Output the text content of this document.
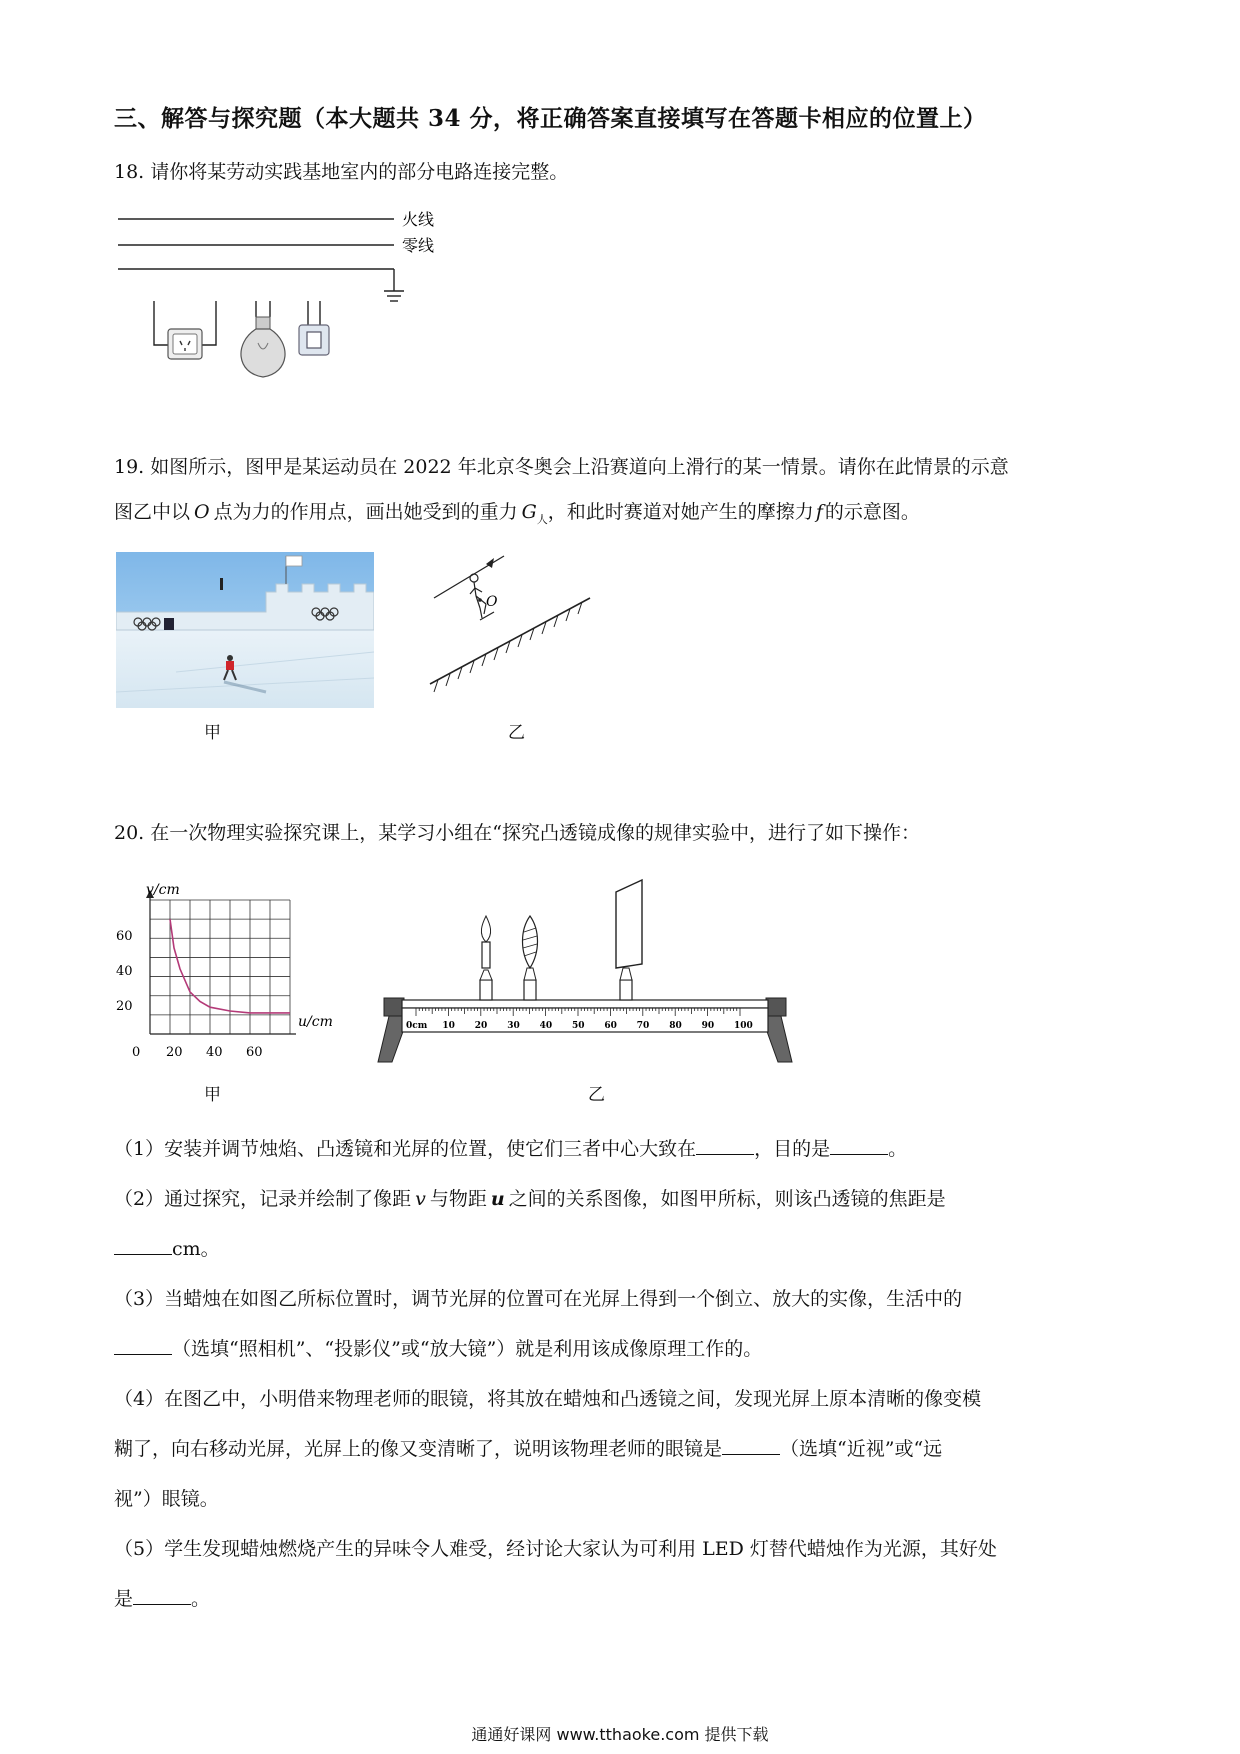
三、解答与探究题（本大题共 34 分，将正确答案直接填写在答题卡相应的位置上）
18. 请你将某劳动实践基地室内的部分电路连接完整。
火线
零线
19. 如图所示，图甲是某运动员在 2022 年北京冬奥会上沿赛道向上滑行的某一情景。请你在此情景的示意
图乙中以 O 点为力的作用点，画出她受到的重力 $G_人$，和此时赛道对她产生的摩擦力 f 的示意图。
甲
O
乙
20. 在一次物理实验探究课上，某学习小组在“探究凸透镜成像的规律实验中，进行了如下操作：
v/cm
u/cm
60
40
20
0 20 40 60
甲
0cm 10 20 30 40 50 60 70 80 90 100
乙
（1）安装并调节烛焰、凸透镜和光屏的位置，使它们三者中心大致在	，目的是	。
（2）通过探究，记录并绘制了像距 v 与物距 u 之间的关系图像，如图甲所标，则该凸透镜的焦距是
cm。
（3）当蜡烛在如图乙所标位置时，调节光屏的位置可在光屏上得到一个倒立、放大的实像，生活中的
（选填“照相机”、“投影仪”或“放大镜”）就是利用该成像原理工作的。
（4）在图乙中，小明借来物理老师的眼镜，将其放在蜡烛和凸透镜之间，发现光屏上原本清晰的像变模
糊了，向右移动光屏，光屏上的像又变清晰了，说明该物理老师的眼镜是	（选填“近视”或“远
视”）眼镜。
（5）学生发现蜡烛燃烧产生的异味令人难受，经讨论大家认为可利用 LED 灯替代蜡烛作为光源，其好处
是	。
通通好课网 www.tthaoke.com 提供下载
